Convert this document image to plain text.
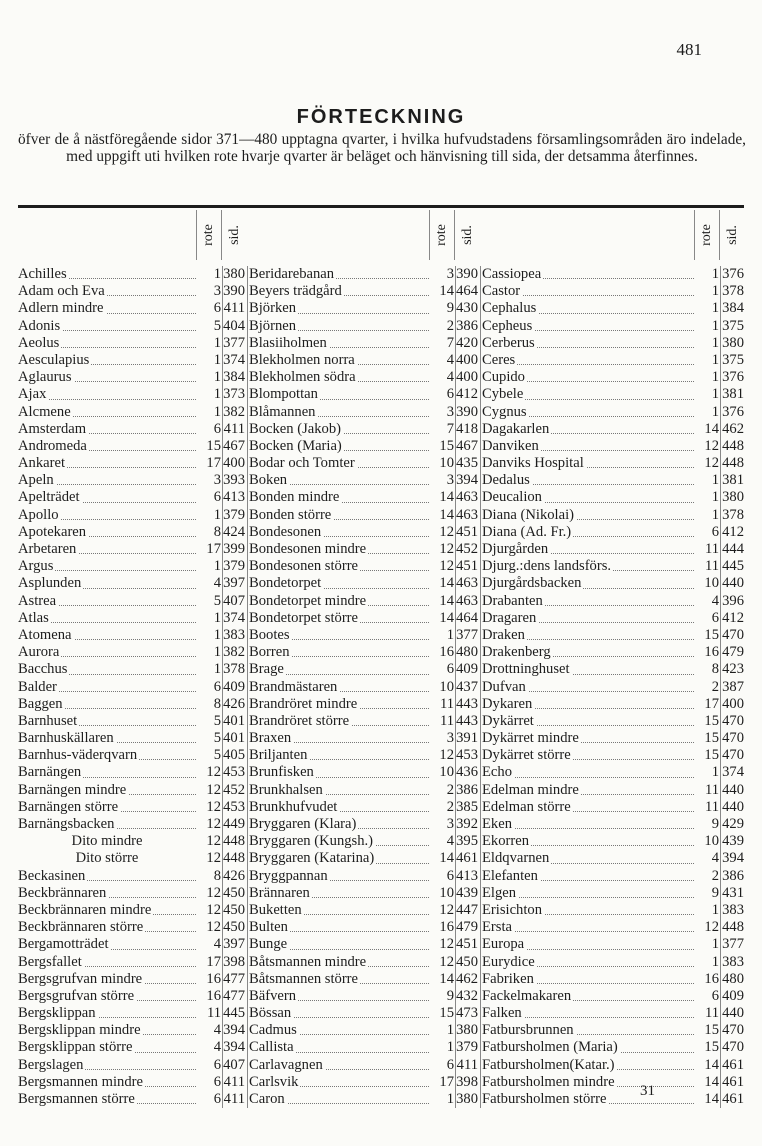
481
FÖRTECKNING
öfver de å nästföregående sidor 371—480 upptagna qvarter, i hvilka hufvudstadens församlingsområden äro indelade, med uppgift uti hvilken rote hvarje qvarter är beläget och hänvisning till sida, der detsamma återfinnes.
rote sid.
Achilles	1 380
Adam och Eva	3 390
Adlern mindre	6 411
Adonis	5 404
Aeolus	1 377
Aesculapius	1 374
Aglaurus	1 384
Ajax	1 373
Alcmene	1 382
Amsterdam	6 411
Andromeda	15 467
Ankaret	17 400
Apeln	3 393
Apelträdet	6 413
Apollo	1 379
Apotekaren	8 424
Arbetaren	17 399
Argus	1 379
Asplunden	4 397
Astrea	5 407
Atlas	1 374
Atomena	1 383
Aurora	1 382
Bacchus	1 378
Balder	6 409
Baggen	8 426
Barnhuset	5 401
Barnhuskällaren	5 401
Barnhus-väderqvarn	5 405
Barnängen	12 453
Barnängen mindre	12 452
Barnängen större	12 453
Barnängsbacken	12 449
Dito mindre	12 448
Dito större	12 448
Beckasinen	8 426
Beckbrännaren	12 450
Beckbrännaren mindre	12 450
Beckbrännaren större	12 450
Bergamotträdet	4 397
Bergsfallet	17 398
Bergsgrufvan mindre	16 477
Bergsgrufvan större	16 477
Bergsklippan	11 445
Bergsklippan mindre	4 394
Bergsklippan större	4 394
Bergslagen	6 407
Bergsmannen mindre	6 411
Bergsmannen större	6 411
rote sid.
Beridarebanan	3 390
Beyers trädgård	14 464
Björken	9 430
Björnen	2 386
Blasiiholmen	7 420
Blekholmen norra	4 400
Blekholmen södra	4 400
Blompottan	6 412
Blåmannen	3 390
Bocken (Jakob)	7 418
Bocken (Maria)	15 467
Bodar och Tomter	10 435
Boken	3 394
Bonden mindre	14 463
Bonden större	14 463
Bondesonen	12 451
Bondesonen mindre	12 452
Bondesonen större	12 451
Bondetorpet	14 463
Bondetorpet mindre	14 463
Bondetorpet större	14 464
Bootes	1 377
Borren	16 480
Brage	6 409
Brandmästaren	10 437
Brandröret mindre	11 443
Brandröret större	11 443
Braxen	3 391
Briljanten	12 453
Brunfisken	10 436
Brunkhalsen	2 386
Brunkhufvudet	2 385
Bryggaren (Klara)	3 392
Bryggaren (Kungsh.)	4 395
Bryggaren (Katarina)	14 461
Bryggpannan	6 413
Brännaren	10 439
Buketten	12 447
Bulten	16 479
Bunge	12 451
Båtsmannen mindre	12 450
Båtsmannen större	14 462
Bäfvern	9 432
Bössan	15 473
Cadmus	1 380
Callista	1 379
Carlavagnen	6 411
Carlsvik	17 398
Caron	1 380
rote sid.
Cassiopea	1 376
Castor	1 378
Cephalus	1 384
Cepheus	1 375
Cerberus	1 380
Ceres	1 375
Cupido	1 376
Cybele	1 381
Cygnus	1 376
Dagakarlen	14 462
Danviken	12 448
Danviks Hospital	12 448
Dedalus	1 381
Deucalion	1 380
Diana (Nikolai)	1 378
Diana (Ad. Fr.)	6 412
Djurgården	11 444
Djurg.:dens landsförs.	11 445
Djurgårdsbacken	10 440
Drabanten	4 396
Dragaren	6 412
Draken	15 470
Drakenberg	16 479
Drottninghuset	8 423
Dufvan	2 387
Dykaren	17 400
Dykärret	15 470
Dykärret mindre	15 470
Dykärret större	15 470
Echo	1 374
Edelman mindre	11 440
Edelman större	11 440
Eken	9 429
Ekorren	10 439
Eldqvarnen	4 394
Elefanten	2 386
Elgen	9 431
Erisichton	1 383
Ersta	12 448
Europa	1 377
Eurydice	1 383
Fabriken	16 480
Fackelmakaren	6 409
Falken	11 440
Fatbursbrunnen	15 470
Fatbursholmen (Maria)	15 470
Fatbursholmen(Katar.)	14 461
Fatbursholmen mindre	14 461
Fatbursholmen större	14 461
31
